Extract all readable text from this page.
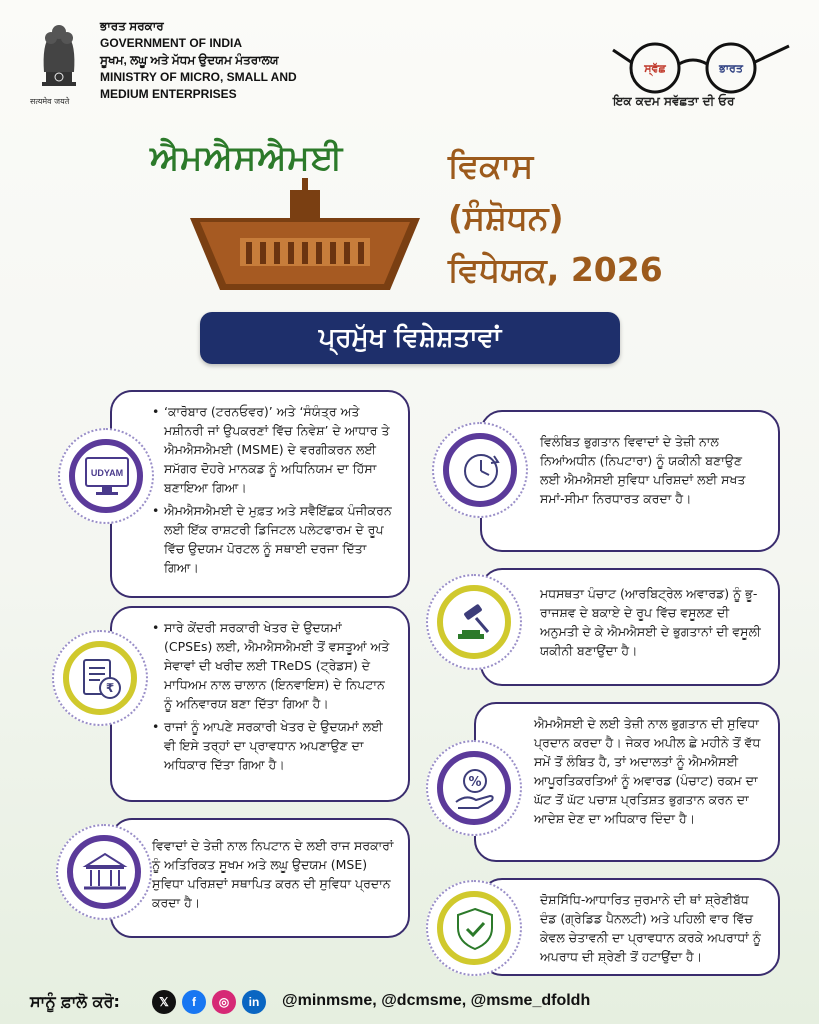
सत्यमेव जयते
ਭਾਰਤ ਸਰਕਾਰ
GOVERNMENT OF INDIA
ਸੂਖਮ, ਲਘੂ ਅਤੇ ਮੱਧਮ ਉਦਯਮ ਮੰਤਰਾਲਯ
MINISTRY OF MICRO, SMALL AND
MEDIUM ENTERPRISES
ਸ੍ਵੱਛ	ਭਾਰਤ
ਇਕ ਕਦਮ ਸਵੱਛਤਾ ਦੀ ਓਰ
ਐਮਐਸਐਮਈ	ਵਿਕਾਸ
(ਸੰਸ਼ੋਧਨ)
ਵਿਧੇਯਕ, 2026
ਪ੍ਰਮੁੱਖ ਵਿਸ਼ੇਸ਼ਤਾਵਾਂ
• ‘ਕਾਰੋਬਾਰ (ਟਰਨਓਵਰ)’ ਅਤੇ ‘ਸੰਯੰਤ੍ਰ ਅਤੇ ਮਸ਼ੀਨਰੀ ਜਾਂ ਉਪਕਰਣਾਂ ਵਿੱਚ ਨਿਵੇਸ਼’ ਦੇ ਆਧਾਰ ਤੇ ਐਮਐਸਐਮਈ (MSME) ਦੇ ਵਰਗੀਕਰਨ ਲਈ ਸਮੱਗਰ ਦੋਹਰੇ ਮਾਨਕਡ ਨੂੰ ਅਧਿਨਿਯਮ ਦਾ ਹਿੱਸਾ ਬਣਾਇਆ ਗਿਆ।
• ਐਮਐਸਐਮਈ ਦੇ ਮੁਫ਼ਤ ਅਤੇ ਸਵੈਇੱਛਕ ਪੰਜੀਕਰਨ ਲਈ ਇੱਕ ਰਾਸ਼ਟਰੀ ਡਿਜਿਟਲ ਪਲੇਟਫਾਰਮ ਦੇ ਰੂਪ ਵਿੱਚ ਉਦਯਮ ਪੋਰਟਲ ਨੂੰ ਸਥਾਈ ਦਰਜਾ ਦਿੱਤਾ ਗਿਆ।
UDYAM
• ਸਾਰੇ ਕੇਂਦਰੀ ਸਰਕਾਰੀ ਖੇਤਰ ਦੇ ਉਦਯਮਾਂ (CPSEs) ਲਈ, ਐਮਐਸਐਮਈ ਤੋਂ ਵਸਤੂਆਂ ਅਤੇ ਸੇਵਾਵਾਂ ਦੀ ਖਰੀਦ ਲਈ TReDS (ਟ੍ਰੇਡਸ) ਦੇ ਮਾਧਿਅਮ ਨਾਲ ਚਾਲਾਨ (ਇਨਵਾਇਸ) ਦੇ ਨਿਪਟਾਨ ਨੂੰ ਅਨਿਵਾਰਯ ਬਣਾ ਦਿੱਤਾ ਗਿਆ ਹੈ।
• ਰਾਜਾਂ ਨੂੰ ਆਪਣੇ ਸਰਕਾਰੀ ਖੇਤਰ ਦੇ ਉਦਯਮਾਂ ਲਈ ਵੀ ਇਸੇ ਤਰ੍ਹਾਂ ਦਾ ਪ੍ਰਾਵਧਾਨ ਅਪਣਾਉਣ ਦਾ ਅਧਿਕਾਰ ਦਿੱਤਾ ਗਿਆ ਹੈ।
₹

ਵਿਵਾਦਾਂ ਦੇ ਤੇਜ਼ੀ ਨਾਲ ਨਿਪਟਾਨ ਦੇ ਲਈ ਰਾਜ ਸਰਕਾਰਾਂ ਨੂੰ ਅਤਿਰਿਕਤ ਸੂਖਮ ਅਤੇ ਲਘੂ ਉਦਯਮ (MSE) ਸੁਵਿਧਾ ਪਰਿਸ਼ਦਾਂ ਸਥਾਪਿਤ ਕਰਨ ਦੀ ਸੁਵਿਧਾ ਪ੍ਰਦਾਨ ਕਰਦਾ ਹੈ।

ਵਿਲੰਬਿਤ ਭੁਗਤਾਨ ਵਿਵਾਦਾਂ ਦੇ ਤੇਜ਼ੀ ਨਾਲ ਨਿਆਂਅਧੀਨ (ਨਿਪਟਾਰਾ) ਨੂੰ ਯਕੀਨੀ ਬਣਾਉਣ ਲਈ ਐਮਐਸਈ ਸੁਵਿਧਾ ਪਰਿਸ਼ਦਾਂ ਲਈ ਸਖਤ ਸਮਾਂ-ਸੀਮਾ ਨਿਰਧਾਰਤ ਕਰਦਾ ਹੈ।

ਮਧਸਥਤਾ ਪੰਚਾਟ (ਆਰਬਿਟ੍ਰੇਲ ਅਵਾਰਡ) ਨੂੰ ਭੂ-ਰਾਜਸ਼ਵ ਦੇ ਬਕਾਏ ਦੇ ਰੂਪ ਵਿੱਚ ਵਸੂਲਣ ਦੀ ਅਨੁਮਤੀ ਦੇ ਕੇ ਐਮਐਸਈ ਦੇ ਭੁਗਤਾਨਾਂ ਦੀ ਵਸੂਲੀ ਯਕੀਨੀ ਬਣਾਉਂਦਾ ਹੈ।

ਐਮਐਸਈ ਦੇ ਲਈ ਤੇਜ਼ੀ ਨਾਲ ਭੁਗਤਾਨ ਦੀ ਸੁਵਿਧਾ ਪ੍ਰਦਾਨ ਕਰਦਾ ਹੈ। ਜੇਕਰ ਅਪੀਲ ਛੇ ਮਹੀਨੇ ਤੋਂ ਵੱਧ ਸਮੇਂ ਤੋਂ ਲੰਬਿਤ ਹੈ, ਤਾਂ ਅਦਾਲਤਾਂ ਨੂੰ ਐਮਐਸਈ ਆਪੂਰਤਿਕਰਤਿਆਂ ਨੂੰ ਅਵਾਰਡ (ਪੰਚਾਟ) ਰਕਮ ਦਾ ਘੱਟ ਤੋਂ ਘੱਟ ਪਚਾਸ਼ ਪ੍ਰਤਿਸ਼ਤ ਭੁਗਤਾਨ ਕਰਨ ਦਾ ਆਦੇਸ਼ ਦੇਣ ਦਾ ਅਧਿਕਾਰ ਦਿੰਦਾ ਹੈ।

%

ਦੋਸ਼ਸਿੱਧਿ-ਆਧਾਰਿਤ ਜੁਰਮਾਨੇ ਦੀ ਥਾਂ ਸ਼੍ਰੇਣੀਬੱਧ ਦੰਡ (ਗ੍ਰੇਡਿਡ ਪੈਨਲਟੀ) ਅਤੇ ਪਹਿਲੀ ਵਾਰ ਵਿੱਚ ਕੇਵਲ ਚੇਤਾਵਨੀ ਦਾ ਪ੍ਰਾਵਧਾਨ ਕਰਕੇ ਅਪਰਾਧਾਂ ਨੂੰ ਅਪਰਾਧ ਦੀ ਸ਼੍ਰੇਣੀ ਤੋਂ ਹਟਾਉਂਦਾ ਹੈ।

ਸਾਨੂੰ ਫ਼ਾਲੋ ਕਰੋ:	𝕏	f	◎	in	@minmsme, @dcmsme, @msme_dfoldh
